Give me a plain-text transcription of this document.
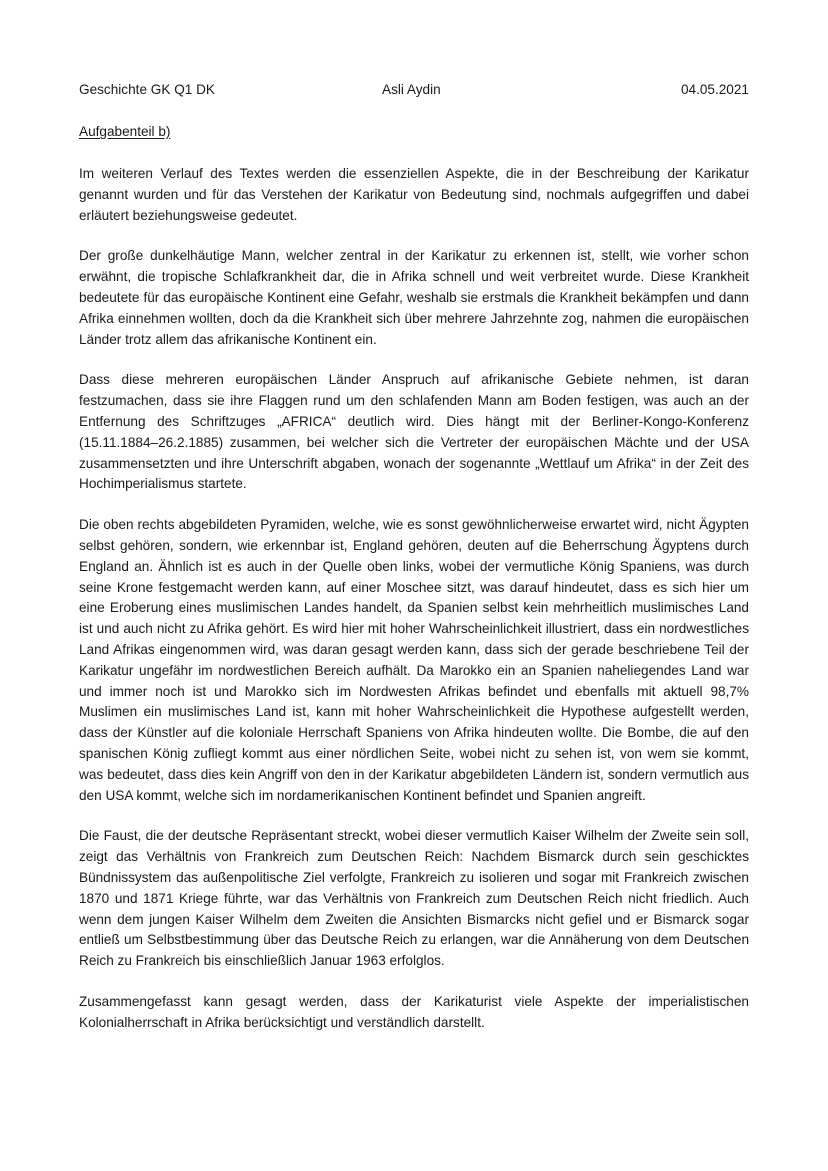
Geschichte GK Q1 DK	Asli Aydin	04.05.2021
Aufgabenteil b)

Im weiteren Verlauf des Textes werden die essenziellen Aspekte, die in der Beschreibung der Karikatur genannt wurden und für das Verstehen der Karikatur von Bedeutung sind, nochmals aufgegriffen und dabei erläutert beziehungsweise gedeutet.

Der große dunkelhäutige Mann, welcher zentral in der Karikatur zu erkennen ist, stellt, wie vorher schon erwähnt, die tropische Schlafkrankheit dar, die in Afrika schnell und weit verbreitet wurde. Diese Krankheit bedeutete für das europäische Kontinent eine Gefahr, weshalb sie erstmals die Krankheit bekämpfen und dann Afrika einnehmen wollten, doch da die Krankheit sich über mehrere Jahrzehnte zog, nahmen die europäischen Länder trotz allem das afrikanische Kontinent ein.

Dass diese mehreren europäischen Länder Anspruch auf afrikanische Gebiete nehmen, ist daran festzumachen, dass sie ihre Flaggen rund um den schlafenden Mann am Boden festigen, was auch an der Entfernung des Schriftzuges „AFRICA“ deutlich wird. Dies hängt mit der Berliner-Kongo-Konferenz (15.11.1884–26.2.1885) zusammen, bei welcher sich die Vertreter der europäischen Mächte und der USA zusammensetzten und ihre Unterschrift abgaben, wonach der sogenannte „Wettlauf um Afrika“ in der Zeit des Hochimperialismus startete.

Die oben rechts abgebildeten Pyramiden, welche, wie es sonst gewöhnlicherweise erwartet wird, nicht Ägypten selbst gehören, sondern, wie erkennbar ist, England gehören, deuten auf die Beherrschung Ägyptens durch England an. Ähnlich ist es auch in der Quelle oben links, wobei der vermutliche König Spaniens, was durch seine Krone festgemacht werden kann, auf einer Moschee sitzt, was darauf hindeutet, dass es sich hier um eine Eroberung eines muslimischen Landes handelt, da Spanien selbst kein mehrheitlich muslimisches Land ist und auch nicht zu Afrika gehört. Es wird hier mit hoher Wahrscheinlichkeit illustriert, dass ein nordwestliches Land Afrikas eingenommen wird, was daran gesagt werden kann, dass sich der gerade beschriebene Teil der Karikatur ungefähr im nordwestlichen Bereich aufhält. Da Marokko ein an Spanien naheliegendes Land war und immer noch ist und Marokko sich im Nordwesten Afrikas befindet und ebenfalls mit aktuell 98,7% Muslimen ein muslimisches Land ist, kann mit hoher Wahrscheinlichkeit die Hypothese aufgestellt werden, dass der Künstler auf die koloniale Herrschaft Spaniens von Afrika hindeuten wollte. Die Bombe, die auf den spanischen König zufliegt kommt aus einer nördlichen Seite, wobei nicht zu sehen ist, von wem sie kommt, was bedeutet, dass dies kein Angriff von den in der Karikatur abgebildeten Ländern ist, sondern vermutlich aus den USA kommt, welche sich im nordamerikanischen Kontinent befindet und Spanien angreift.

Die Faust, die der deutsche Repräsentant streckt, wobei dieser vermutlich Kaiser Wilhelm der Zweite sein soll, zeigt das Verhältnis von Frankreich zum Deutschen Reich: Nachdem Bismarck durch sein geschicktes Bündnissystem das außenpolitische Ziel verfolgte, Frankreich zu isolieren und sogar mit Frankreich zwischen 1870 und 1871 Kriege führte, war das Verhältnis von Frankreich zum Deutschen Reich nicht friedlich. Auch wenn dem jungen Kaiser Wilhelm dem Zweiten die Ansichten Bismarcks nicht gefiel und er Bismarck sogar entließ um Selbstbestimmung über das Deutsche Reich zu erlangen, war die Annäherung von dem Deutschen Reich zu Frankreich bis einschließlich Januar 1963 erfolglos.

Zusammengefasst kann gesagt werden, dass der Karikaturist viele Aspekte der imperialistischen Kolonialherrschaft in Afrika berücksichtigt und verständlich darstellt.
